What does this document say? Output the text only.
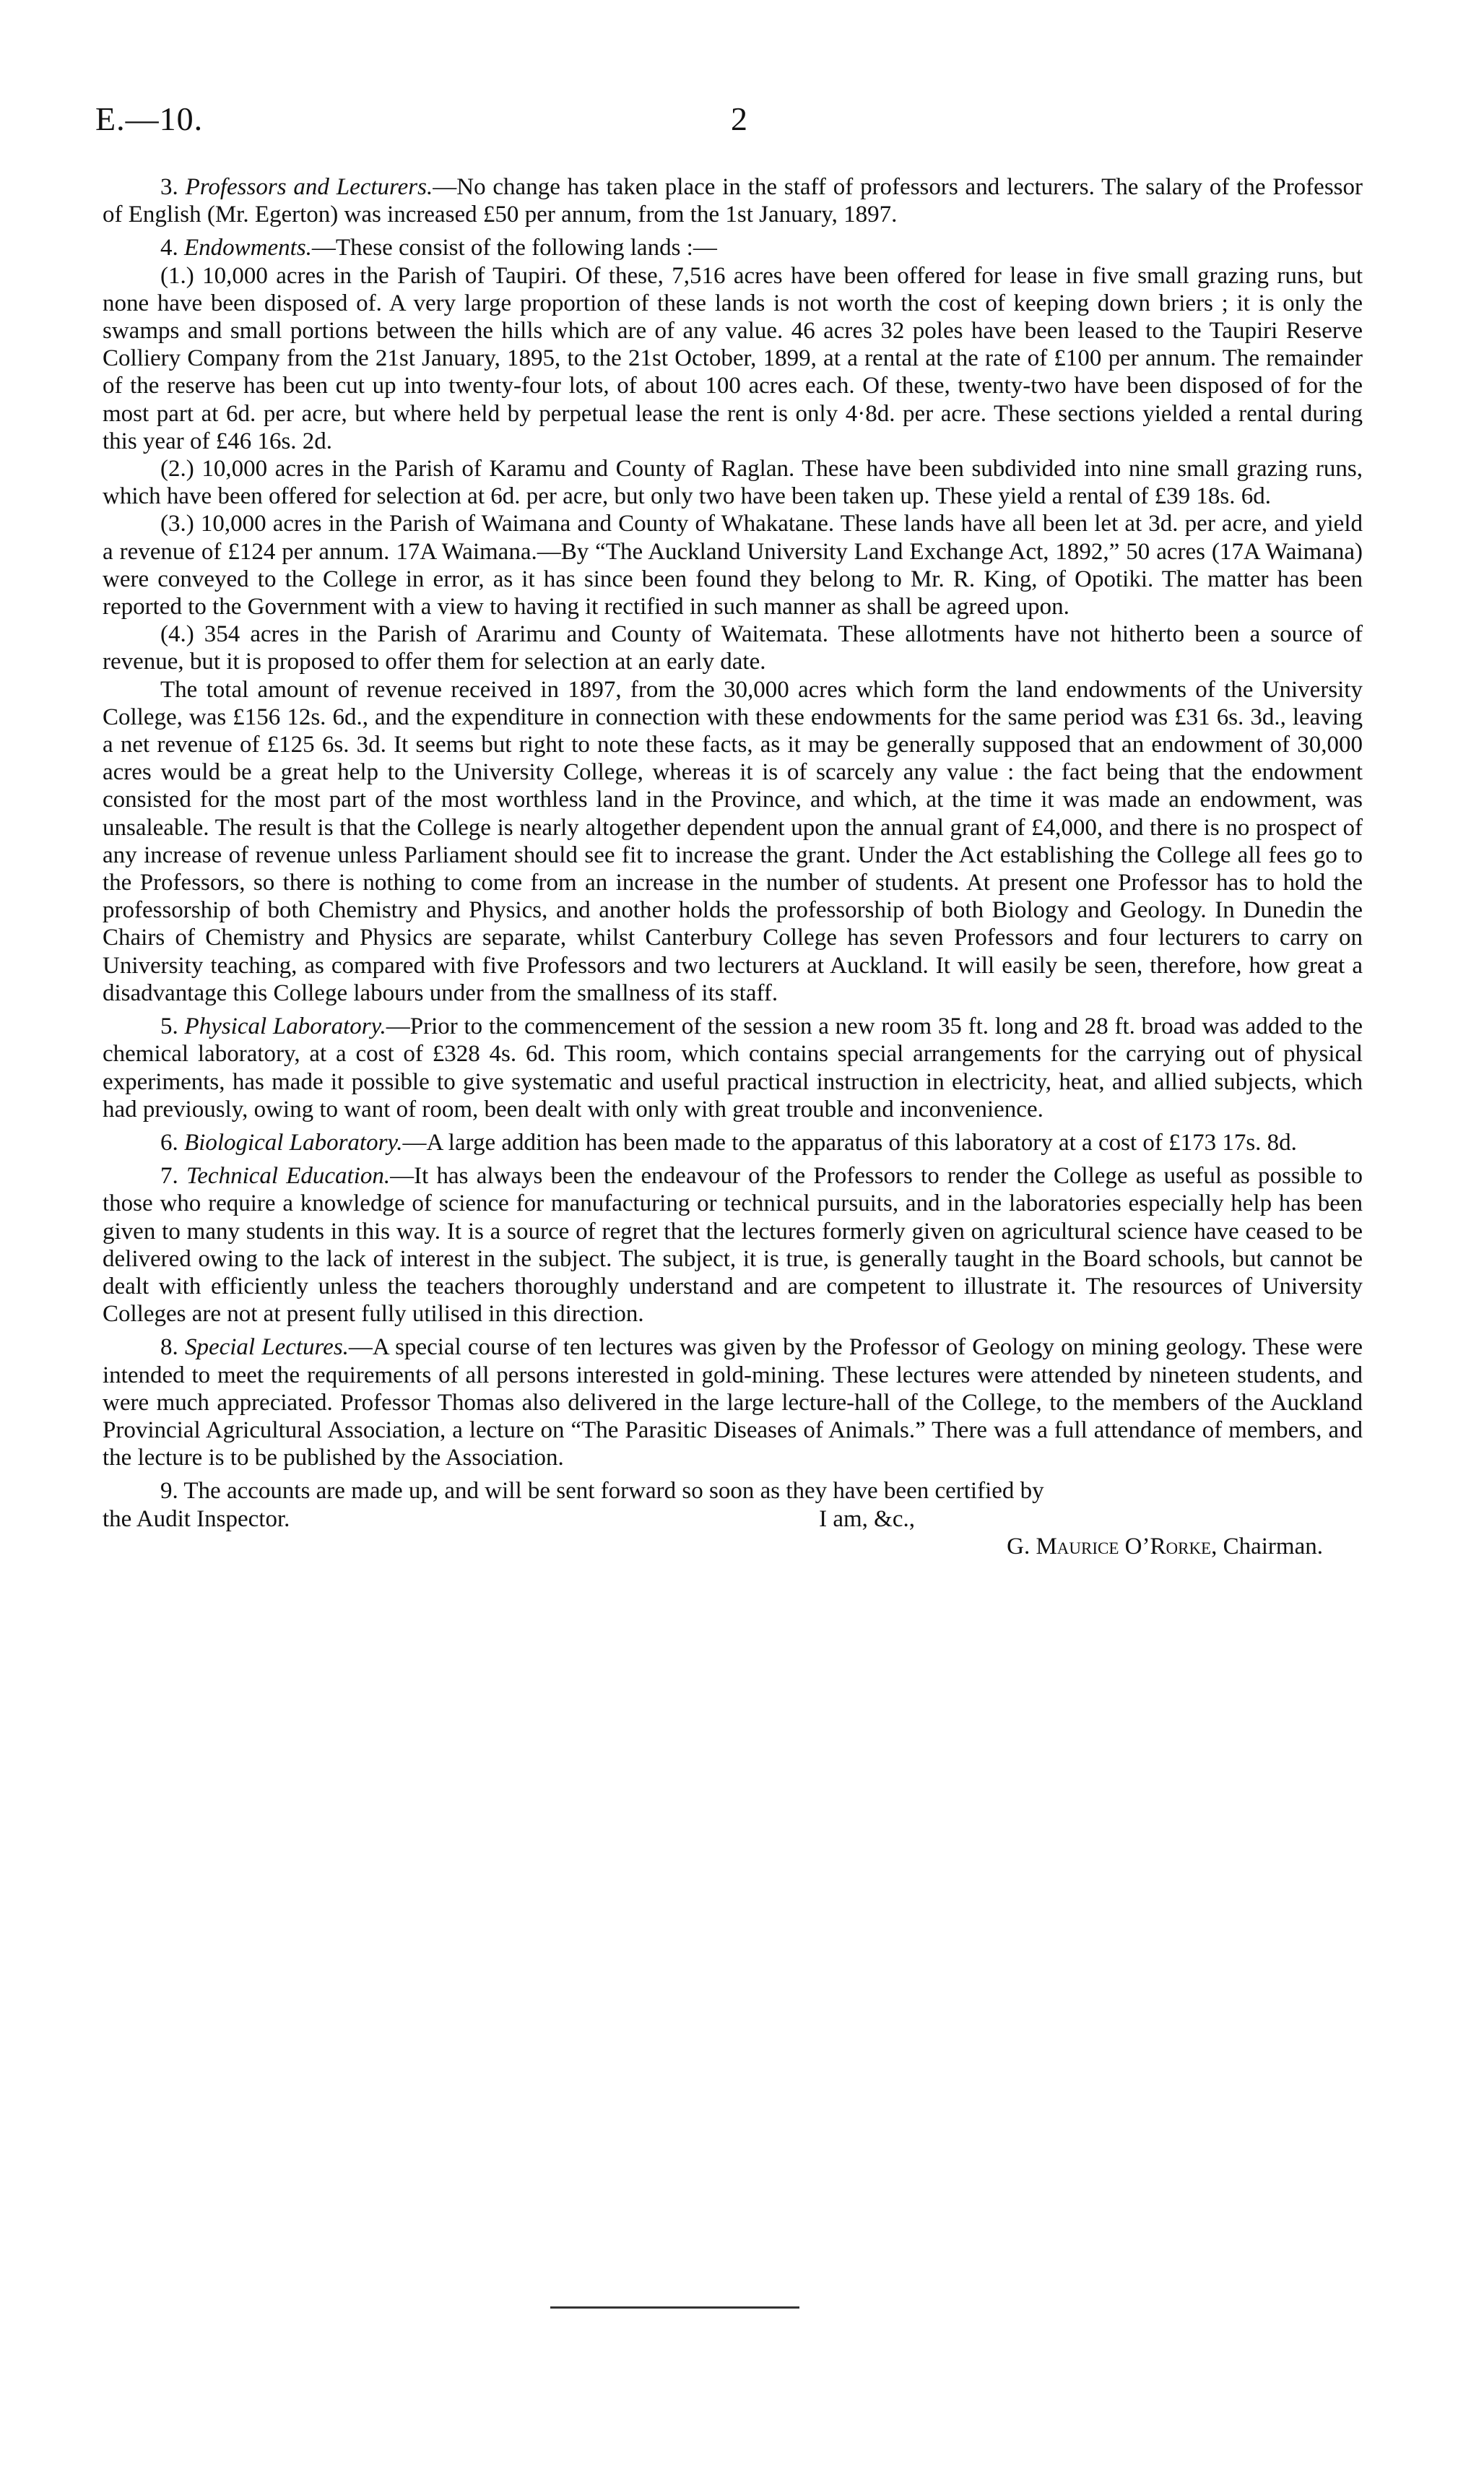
E.—10.	2

3. Professors and Lecturers.—No change has taken place in the staff of professors and lecturers. The salary of the Professor of English (Mr. Egerton) was increased £50 per annum, from the 1st January, 1897.

4. Endowments.—These consist of the following lands :—

(1.) 10,000 acres in the Parish of Taupiri. Of these, 7,516 acres have been offered for lease in five small grazing runs, but none have been disposed of. A very large proportion of these lands is not worth the cost of keeping down briers ; it is only the swamps and small portions between the hills which are of any value. 46 acres 32 poles have been leased to the Taupiri Reserve Colliery Company from the 21st January, 1895, to the 21st October, 1899, at a rental at the rate of £100 per annum. The remainder of the reserve has been cut up into twenty-four lots, of about 100 acres each. Of these, twenty-two have been disposed of for the most part at 6d. per acre, but where held by perpetual lease the rent is only 4·8d. per acre. These sections yielded a rental during this year of £46 16s. 2d.

(2.) 10,000 acres in the Parish of Karamu and County of Raglan. These have been subdivided into nine small grazing runs, which have been offered for selection at 6d. per acre, but only two have been taken up. These yield a rental of £39 18s. 6d.

(3.) 10,000 acres in the Parish of Waimana and County of Whakatane. These lands have all been let at 3d. per acre, and yield a revenue of £124 per annum. 17A Waimana.—By “The Auckland University Land Exchange Act, 1892,” 50 acres (17A Waimana) were conveyed to the College in error, as it has since been found they belong to Mr. R. King, of Opotiki. The matter has been reported to the Government with a view to having it rectified in such manner as shall be agreed upon.

(4.) 354 acres in the Parish of Ararimu and County of Waitemata. These allotments have not hitherto been a source of revenue, but it is proposed to offer them for selection at an early date.

The total amount of revenue received in 1897, from the 30,000 acres which form the land endowments of the University College, was £156 12s. 6d., and the expenditure in connection with these endowments for the same period was £31 6s. 3d., leaving a net revenue of £125 6s. 3d. It seems but right to note these facts, as it may be generally supposed that an endowment of 30,000 acres would be a great help to the University College, whereas it is of scarcely any value : the fact being that the endowment consisted for the most part of the most worthless land in the Province, and which, at the time it was made an endowment, was unsaleable. The result is that the College is nearly altogether dependent upon the annual grant of £4,000, and there is no prospect of any increase of revenue unless Parliament should see fit to increase the grant. Under the Act establishing the College all fees go to the Professors, so there is nothing to come from an increase in the number of students. At present one Professor has to hold the professorship of both Chemistry and Physics, and another holds the professorship of both Biology and Geology. In Dunedin the Chairs of Chemistry and Physics are separate, whilst Canterbury College has seven Professors and four lecturers to carry on University teaching, as compared with five Professors and two lecturers at Auckland. It will easily be seen, therefore, how great a disadvantage this College labours under from the smallness of its staff.

5. Physical Laboratory.—Prior to the commencement of the session a new room 35 ft. long and 28 ft. broad was added to the chemical laboratory, at a cost of £328 4s. 6d. This room, which contains special arrangements for the carrying out of physical experiments, has made it possible to give systematic and useful practical instruction in electricity, heat, and allied subjects, which had previously, owing to want of room, been dealt with only with great trouble and inconvenience.

6. Biological Laboratory.—A large addition has been made to the apparatus of this laboratory at a cost of £173 17s. 8d.

7. Technical Education.—It has always been the endeavour of the Professors to render the College as useful as possible to those who require a knowledge of science for manufacturing or technical pursuits, and in the laboratories especially help has been given to many students in this way. It is a source of regret that the lectures formerly given on agricultural science have ceased to be delivered owing to the lack of interest in the subject. The subject, it is true, is generally taught in the Board schools, but cannot be dealt with efficiently unless the teachers thoroughly understand and are competent to illustrate it. The resources of University Colleges are not at present fully utilised in this direction.

8. Special Lectures.—A special course of ten lectures was given by the Professor of Geology on mining geology. These were intended to meet the requirements of all persons interested in gold-mining. These lectures were attended by nineteen students, and were much appreciated. Professor Thomas also delivered in the large lecture-hall of the College, to the members of the Auckland Provincial Agricultural Association, a lecture on “The Parasitic Diseases of Animals.” There was a full attendance of members, and the lecture is to be published by the Association.

9. The accounts are made up, and will be sent forward so soon as they have been certified by

the Audit Inspector.	I am, &c.,
G. Maurice O’Rorke, Chairman.
